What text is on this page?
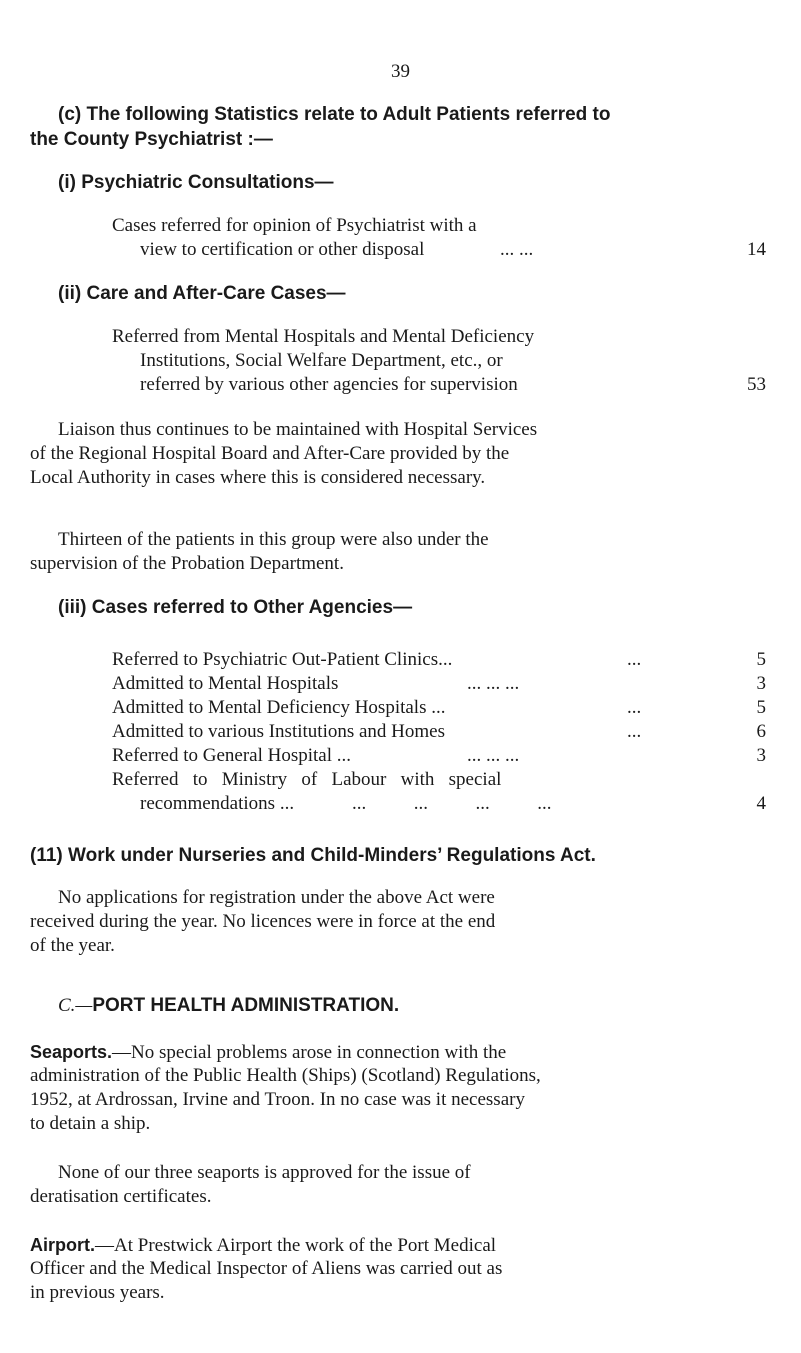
39
(c) The following Statistics relate to Adult Patients referred to
the County Psychiatrist :—
(i) Psychiatric Consultations—
Cases referred for opinion of Psychiatrist with a
view to certification or other disposal	... ...	14
(ii) Care and After-Care Cases—
Referred from Mental Hospitals and Mental Deficiency
Institutions, Social Welfare Department, etc., or
referred by various other agencies for supervision	53
Liaison thus continues to be maintained with Hospital Services
of the Regional Hospital Board and After-Care provided by the
Local Authority in cases where this is considered necessary.
Thirteen of the patients in this group were also under the
supervision of the Probation Department.
(iii) Cases referred to Other Agencies—
Referred to Psychiatric Out-Patient Clinics...	...	5
Admitted to Mental Hospitals	... ... ...	3
Admitted to Mental Deficiency Hospitals ...	...	5
Admitted to various Institutions and Homes	...	6
Referred to General Hospital ...	... ... ...	3
Referred   to   Ministry   of   Labour   with   special
recommendations ...	...          ...          ...          ...	4
(11) Work under Nurseries and Child-Minders’ Regulations Act.
No applications for registration under the above Act were
received during the year. No licences were in force at the end
of the year.
C.—PORT HEALTH ADMINISTRATION.
Seaports.—No special problems arose in connection with the
administration of the Public Health (Ships) (Scotland) Regulations,
1952, at Ardrossan, Irvine and Troon. In no case was it necessary
to detain a ship.
None of our three seaports is approved for the issue of
deratisation certificates.
Airport.—At Prestwick Airport the work of the Port Medical
Officer and the Medical Inspector of Aliens was carried out as
in previous years.
